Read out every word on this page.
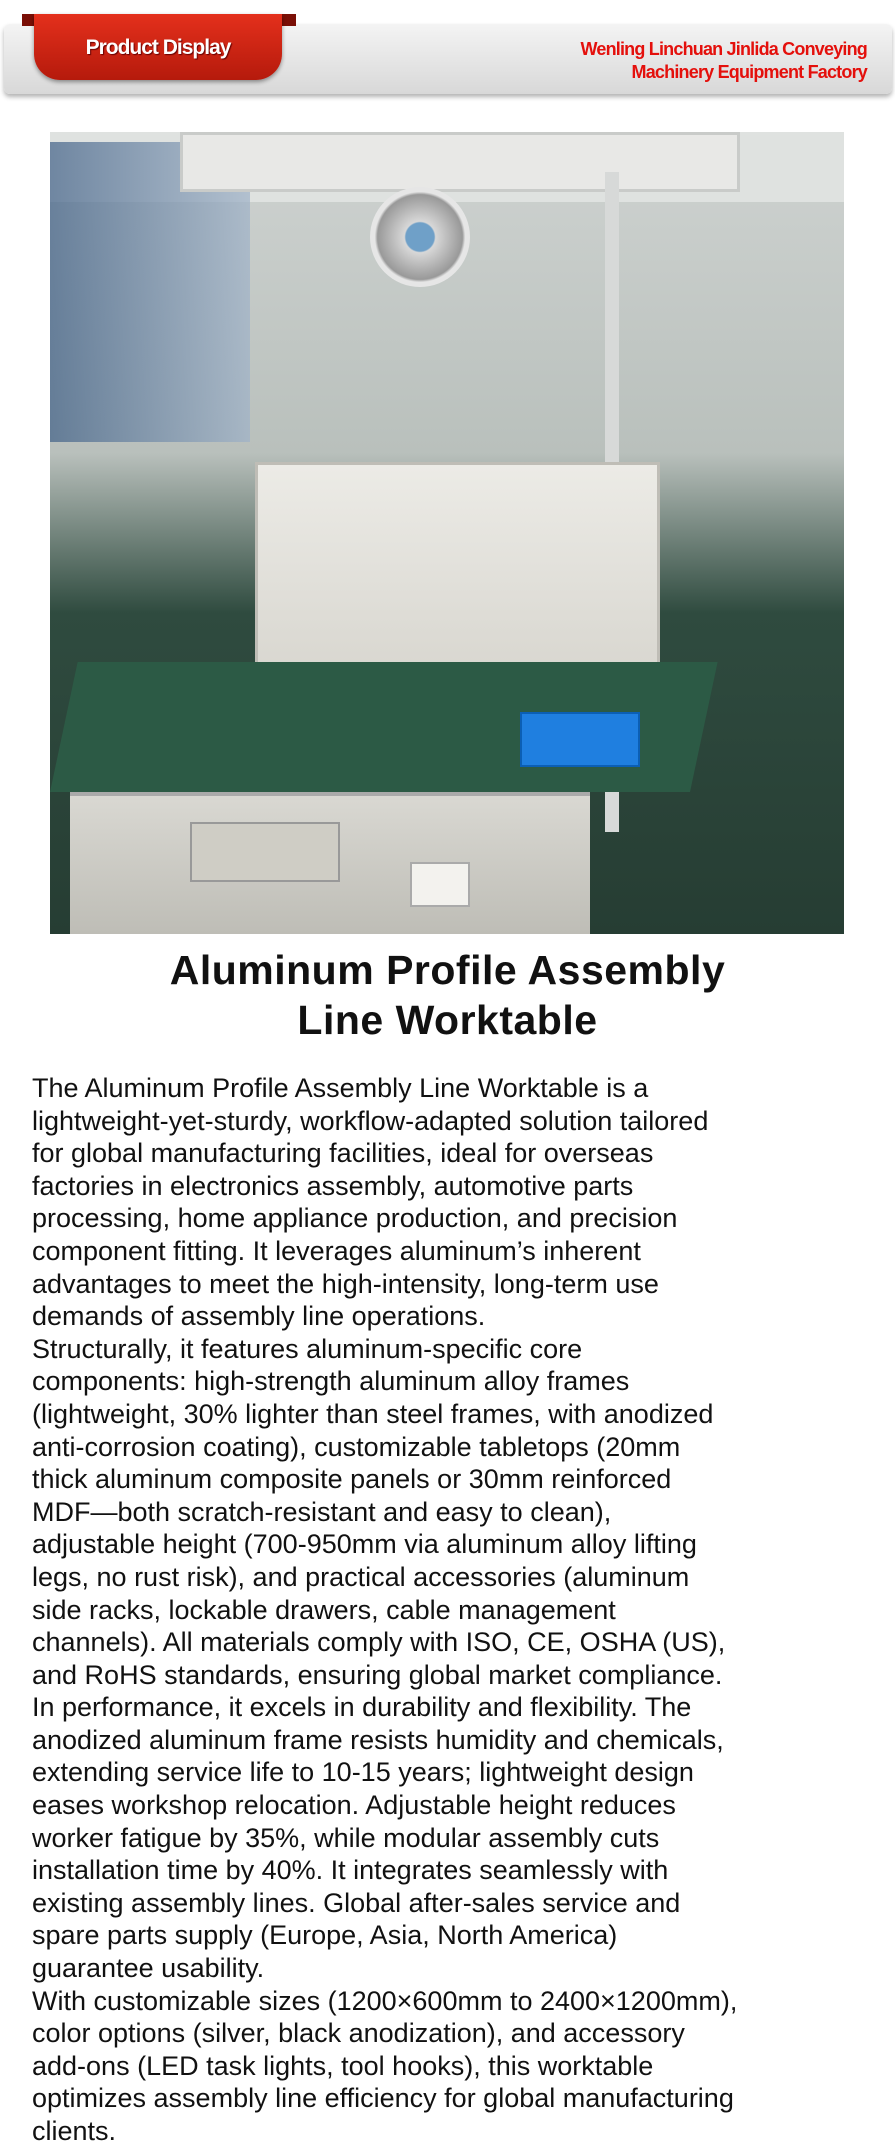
Product Display	Wenling Linchuan Jinlida Conveying
Machinery Equipment Factory
Aluminum Profile Assembly
Line Worktable
The Aluminum Profile Assembly Line Worktable is a
lightweight-yet-sturdy, workflow-adapted solution tailored
for global manufacturing facilities, ideal for overseas
factories in electronics assembly, automotive parts
processing, home appliance production, and precision
component fitting. It leverages aluminum’s inherent
advantages to meet the high-intensity, long-term use
demands of assembly line operations.
Structurally, it features aluminum-specific core
components: high-strength aluminum alloy frames
(lightweight, 30% lighter than steel frames, with anodized
anti-corrosion coating), customizable tabletops (20mm
thick aluminum composite panels or 30mm reinforced
MDF—both scratch-resistant and easy to clean),
adjustable height (700-950mm via aluminum alloy lifting
legs, no rust risk), and practical accessories (aluminum
side racks, lockable drawers, cable management
channels). All materials comply with ISO, CE, OSHA (US),
and RoHS standards, ensuring global market compliance.
In performance, it excels in durability and flexibility. The
anodized aluminum frame resists humidity and chemicals,
extending service life to 10-15 years; lightweight design
eases workshop relocation. Adjustable height reduces
worker fatigue by 35%, while modular assembly cuts
installation time by 40%. It integrates seamlessly with
existing assembly lines. Global after-sales service and
spare parts supply (Europe, Asia, North America)
guarantee usability.
With customizable sizes (1200×600mm to 2400×1200mm),
color options (silver, black anodization), and accessory
add-ons (LED task lights, tool hooks), this worktable
optimizes assembly line efficiency for global manufacturing
clients.
